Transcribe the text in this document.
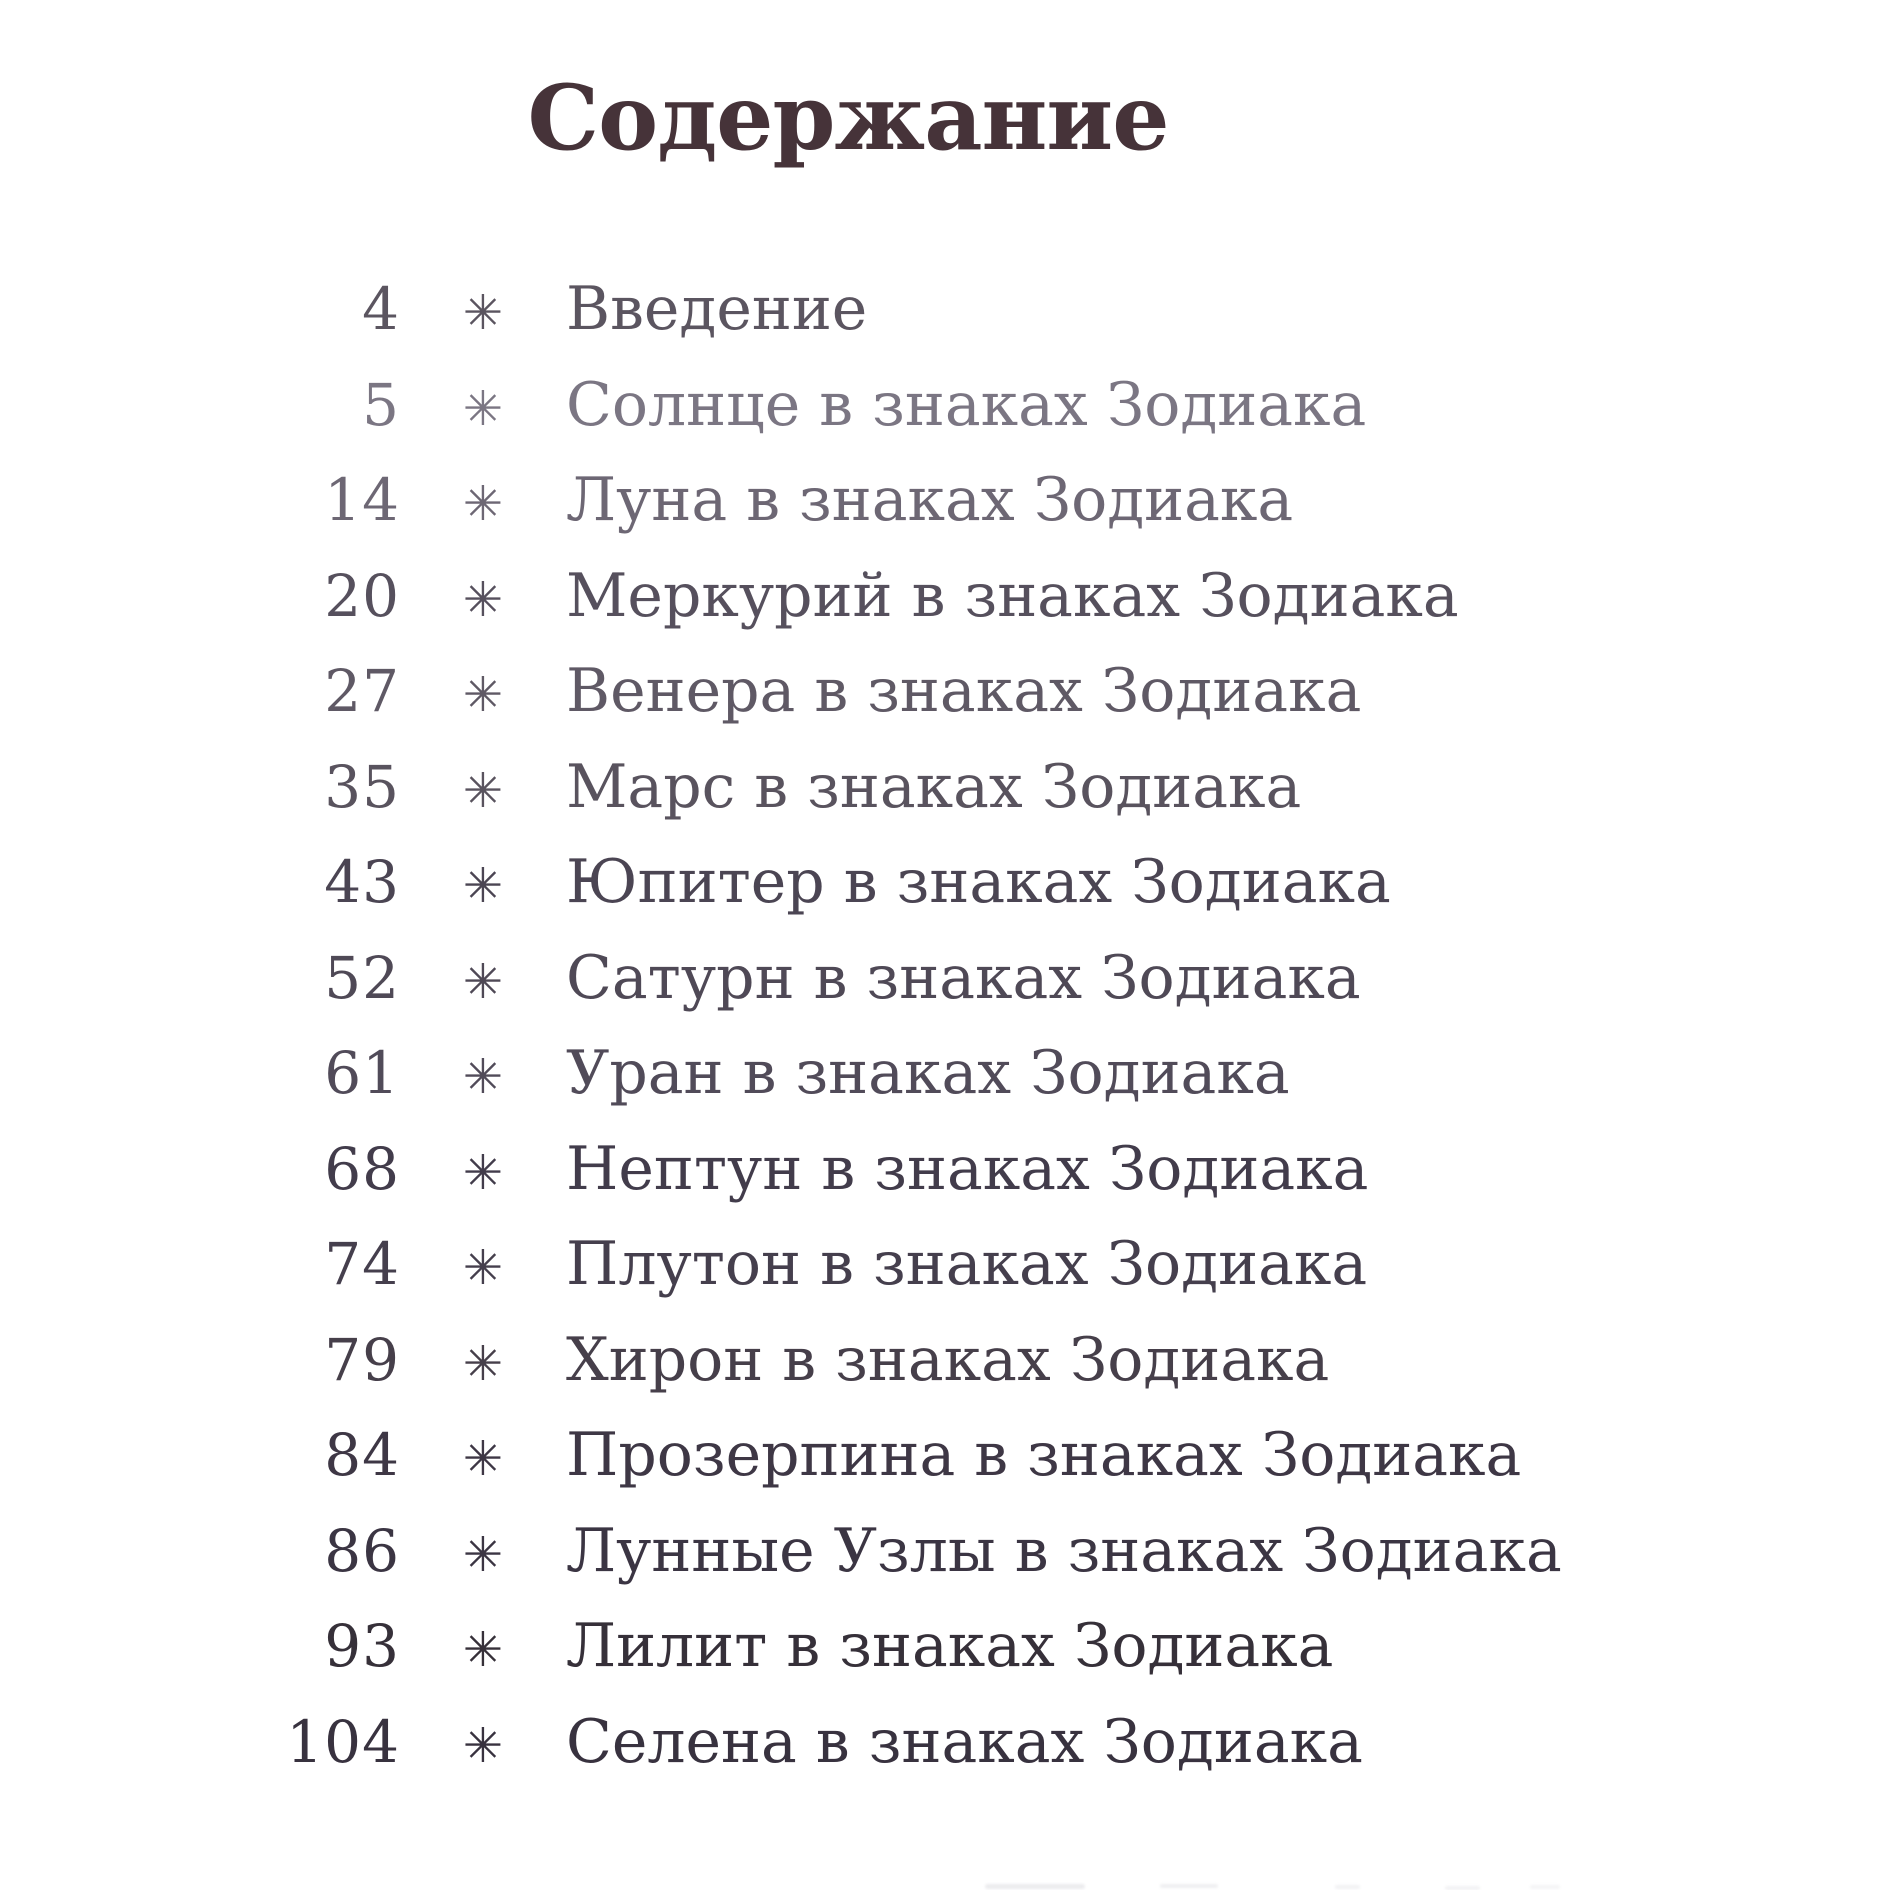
Содержание
4	✳	Введение
5	✳	Солнце в знаках Зодиака
14	✳	Луна в знаках Зодиака
20	✳	Меркурий в знаках Зодиака
27	✳	Венера в знаках Зодиака
35	✳	Марс в знаках Зодиака
43	✳	Юпитер в знаках Зодиака
52	✳	Сатурн в знаках Зодиака
61	✳	Уран в знаках Зодиака
68	✳	Нептун в знаках Зодиака
74	✳	Плутон в знаках Зодиака
79	✳	Хирон в знаках Зодиака
84	✳	Прозерпина в знаках Зодиака
86	✳	Лунные Узлы в знаках Зодиака
93	✳	Лилит в знаках Зодиака
104	✳	Селена в знаках Зодиака
